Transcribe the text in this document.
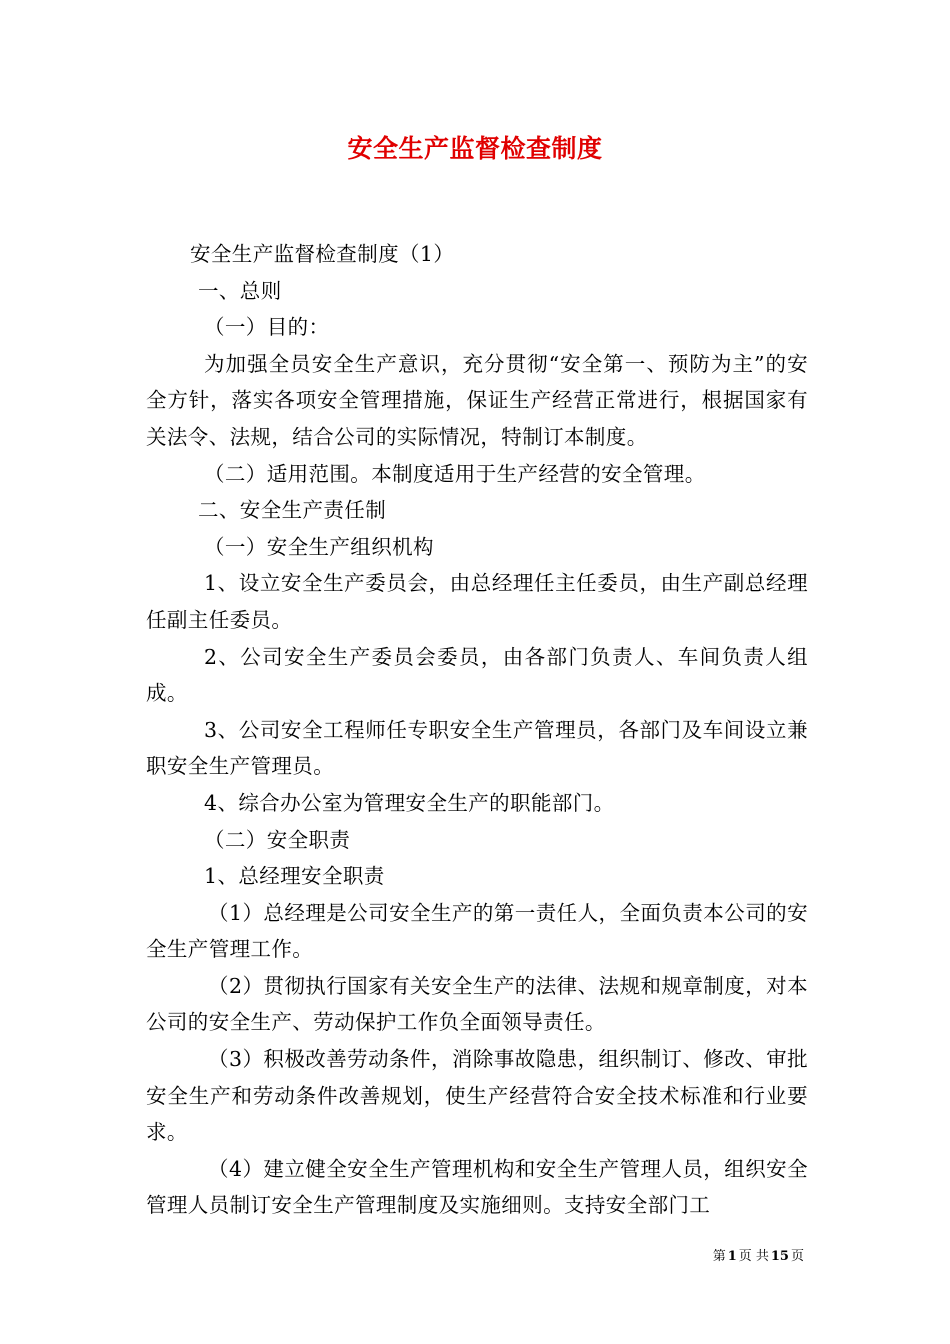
安全生产监督检查制度

安全生产监督检查制度（1）

一、总则

（一）目的：

为加强全员安全生产意识，充分贯彻“安全第一、预防为主”的安全方针，落实各项安全管理措施，保证生产经营正常进行，根据国家有关法令、法规，结合公司的实际情况，特制订本制度。

（二）适用范围。本制度适用于生产经营的安全管理。

二、安全生产责任制

（一）安全生产组织机构

1、设立安全生产委员会，由总经理任主任委员，由生产副总经理任副主任委员。

2、公司安全生产委员会委员，由各部门负责人、车间负责人组成。

3、公司安全工程师任专职安全生产管理员，各部门及车间设立兼职安全生产管理员。

4、综合办公室为管理安全生产的职能部门。

（二）安全职责

1、总经理安全职责

（1）总经理是公司安全生产的第一责任人，全面负责本公司的安全生产管理工作。

（2）贯彻执行国家有关安全生产的法律、法规和规章制度，对本公司的安全生产、劳动保护工作负全面领导责任。

（3）积极改善劳动条件，消除事故隐患，组织制订、修改、审批安全生产和劳动条件改善规划，使生产经营符合安全技术标准和行业要求。

（4）建立健全安全生产管理机构和安全生产管理人员，组织安全管理人员制订安全生产管理制度及实施细则。支持安全部门工

第 1 页 共 15 页
